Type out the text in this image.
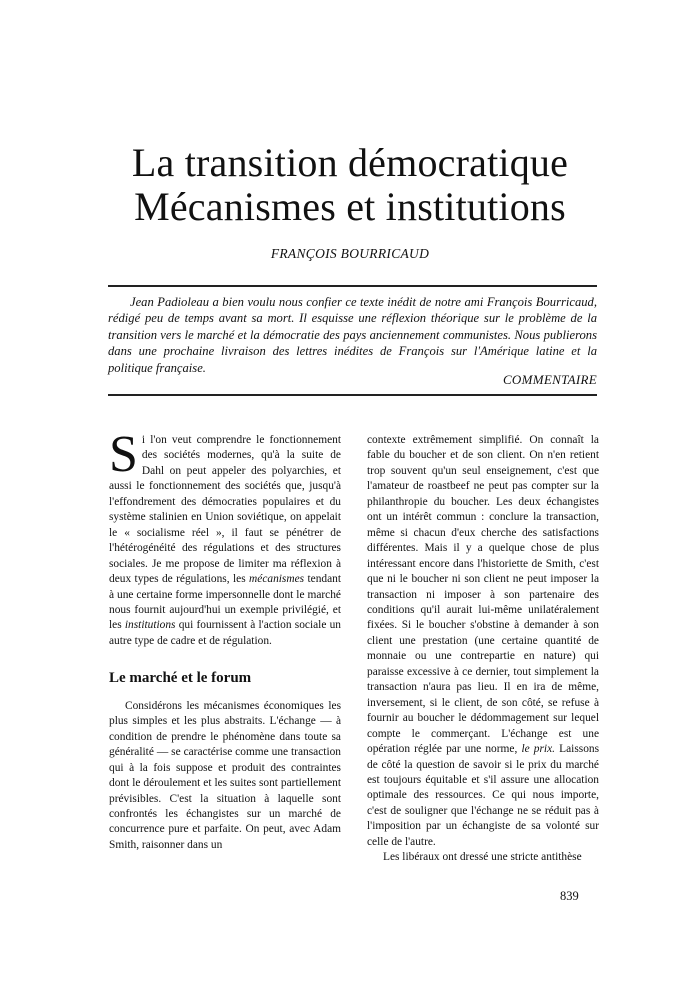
La transition démocratique
Mécanismes et institutions
FRANÇOIS BOURRICAUD

Jean Padioleau a bien voulu nous confier ce texte inédit de notre ami François Bourricaud, rédigé peu de temps avant sa mort. Il esquisse une réflexion théorique sur le problème de la transition vers le marché et la démocratie des pays anciennement communistes. Nous publierons dans une prochaine livraison des lettres inédites de François sur l'Amérique latine et la politique française.

COMMENTAIRE

Si l'on veut comprendre le fonctionnement des sociétés modernes, qu'à la suite de Dahl on peut appeler des polyarchies, et aussi le fonctionnement des sociétés que, jusqu'à l'effondrement des démocraties populaires et du système stalinien en Union soviétique, on appelait le « socialisme réel », il faut se pénétrer de l'hétérogénéité des régulations et des structures sociales. Je me propose de limiter ma réflexion à deux types de régulations, les mécanismes tendant à une certaine forme impersonnelle dont le marché nous fournit aujourd'hui un exemple privilégié, et les institutions qui fournissent à l'action sociale un autre type de cadre et de régulation.

Le marché et le forum

Considérons les mécanismes économiques les plus simples et les plus abstraits. L'échange — à condition de prendre le phénomène dans toute sa généralité — se caractérise comme une transaction qui à la fois suppose et produit des contraintes dont le déroulement et les suites sont partiellement prévisibles. C'est la situation à laquelle sont confrontés les échangistes sur un marché de concurrence pure et parfaite. On peut, avec Adam Smith, raisonner dans un

contexte extrêmement simplifié. On connaît la fable du boucher et de son client. On n'en retient trop souvent qu'un seul enseignement, c'est que l'amateur de roastbeef ne peut pas compter sur la philanthropie du boucher. Les deux échangistes ont un intérêt commun : conclure la transaction, même si chacun d'eux cherche des satisfactions différentes. Mais il y a quelque chose de plus intéressant encore dans l'historiette de Smith, c'est que ni le boucher ni son client ne peut imposer la transaction ni imposer à son partenaire des conditions qu'il aurait lui-même unilatéralement fixées. Si le boucher s'obstine à demander à son client une prestation (une certaine quantité de monnaie ou une contrepartie en nature) qui paraisse excessive à ce dernier, tout simplement la transaction n'aura pas lieu. Il en ira de même, inversement, si le client, de son côté, se refuse à fournir au boucher le dédommagement sur lequel compte le commerçant. L'échange est une opération réglée par une norme, le prix. Laissons de côté la question de savoir si le prix du marché est toujours équitable et s'il assure une allocation optimale des ressources. Ce qui nous importe, c'est de souligner que l'échange ne se réduit pas à l'imposition par un échangiste de sa volonté sur celle de l'autre.

Les libéraux ont dressé une stricte antithèse

839
